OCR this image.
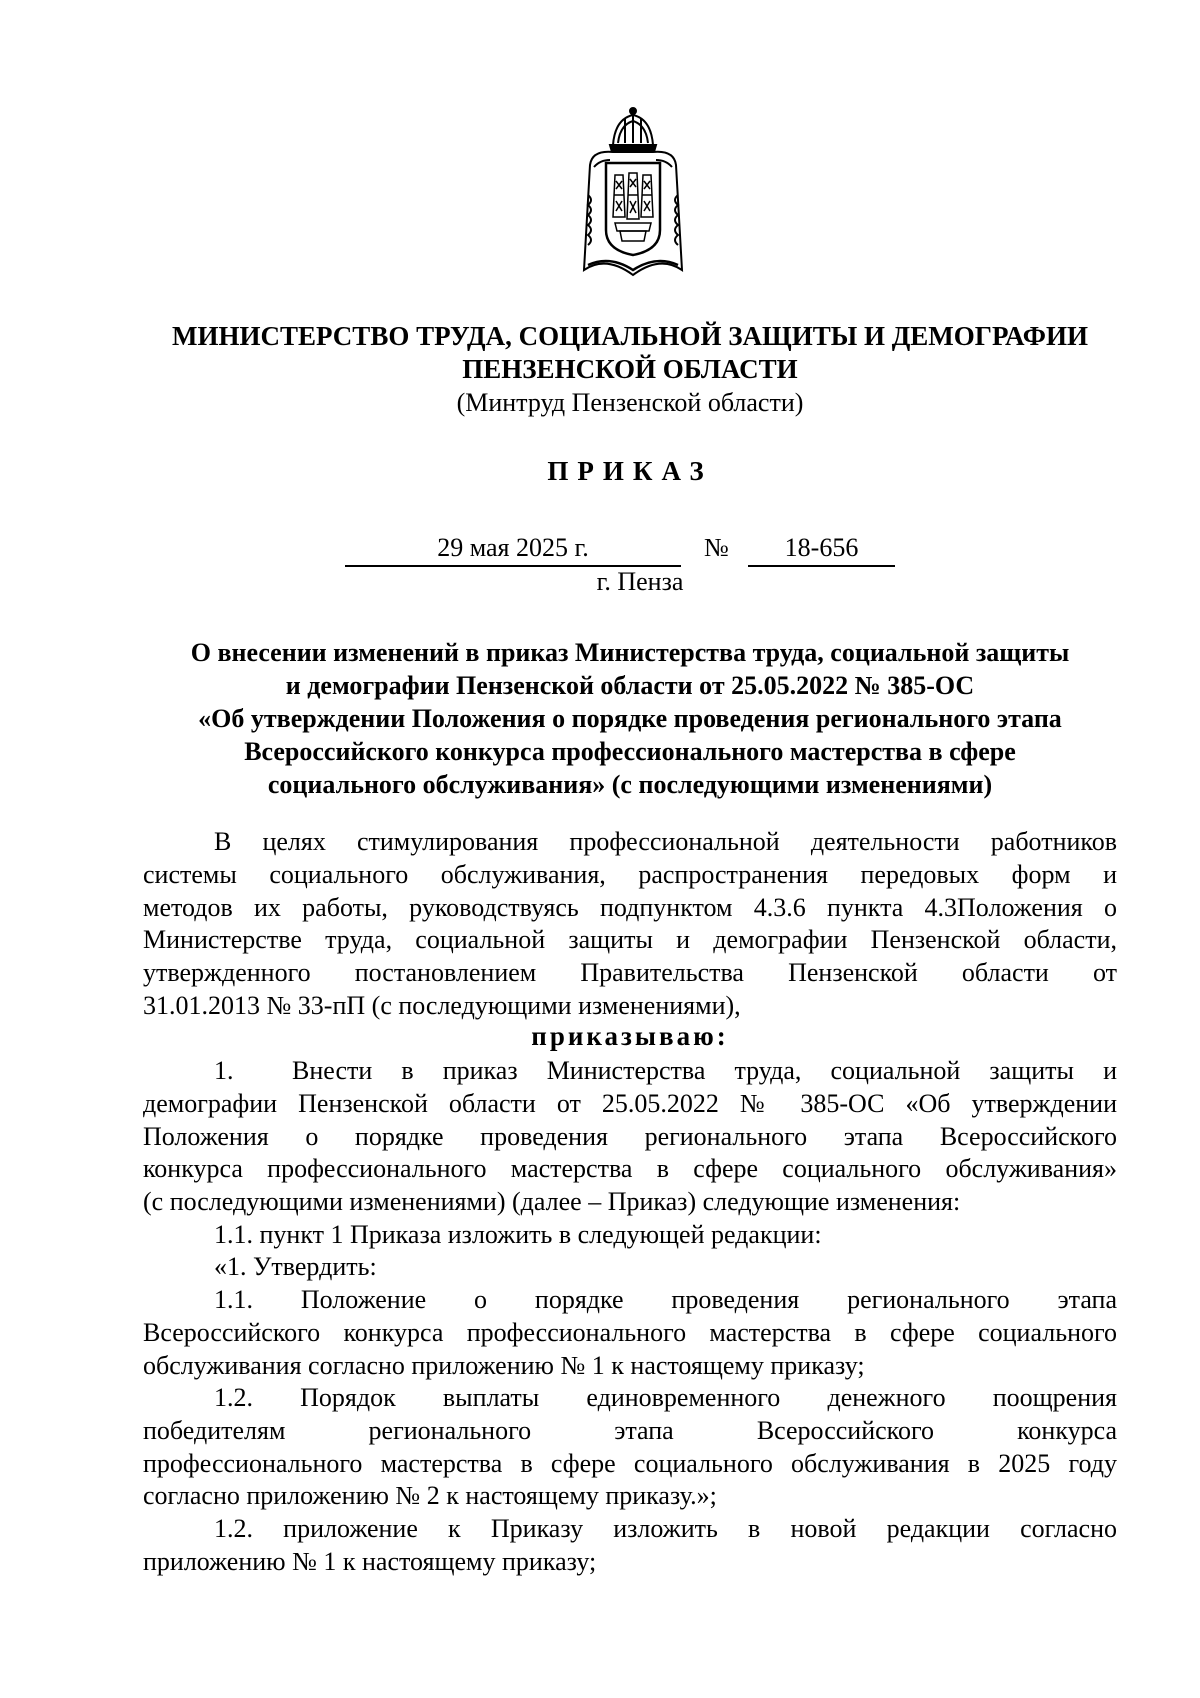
МИНИСТЕРСТВО ТРУДА, СОЦИАЛЬНОЙ ЗАЩИТЫ И ДЕМОГРАФИИ
ПЕНЗЕНСКОЙ ОБЛАСТИ
(Минтруд Пензенской области)
ПРИКАЗ
29 мая 2025 г.	№	18-656
г. Пенза
О внесении изменений в приказ Министерства труда, социальной защиты
и демографии Пензенской области от 25.05.2022 № 385-ОС
«Об утверждении Положения о порядке проведения регионального этапа
Всероссийского конкурса профессионального мастерства в сфере
социального обслуживания» (с последующими изменениями)
В целях стимулирования профессиональной деятельности работников
системы социального обслуживания, распространения передовых форм и
методов их работы, руководствуясь подпунктом 4.3.6 пункта 4.3Положения о
Министерстве труда, социальной защиты и демографии Пензенской области,
утвержденного постановлением Правительства Пензенской области от
31.01.2013 № 33-пП (с последующими изменениями),
приказываю:
1.	Внести в приказ Министерства труда, социальной защиты и
демографии Пензенской области от 25.05.2022 № 385-ОС «Об утверждении
Положения о порядке проведения регионального этапа Всероссийского
конкурса профессионального мастерства в сфере социального обслуживания»
(с последующими изменениями) (далее – Приказ) следующие изменения:
1.1. пункт 1 Приказа изложить в следующей редакции:
«1. Утвердить:
1.1. Положение о порядке проведения регионального этапа
Всероссийского конкурса профессионального мастерства в сфере социального
обслуживания согласно приложению № 1 к настоящему приказу;
1.2. Порядок выплаты единовременного денежного поощрения
победителям регионального этапа Всероссийского конкурса
профессионального мастерства в сфере социального обслуживания в 2025 году
согласно приложению № 2 к настоящему приказу.»;
1.2. приложение к Приказу изложить в новой редакции согласно
приложению № 1 к настоящему приказу;
